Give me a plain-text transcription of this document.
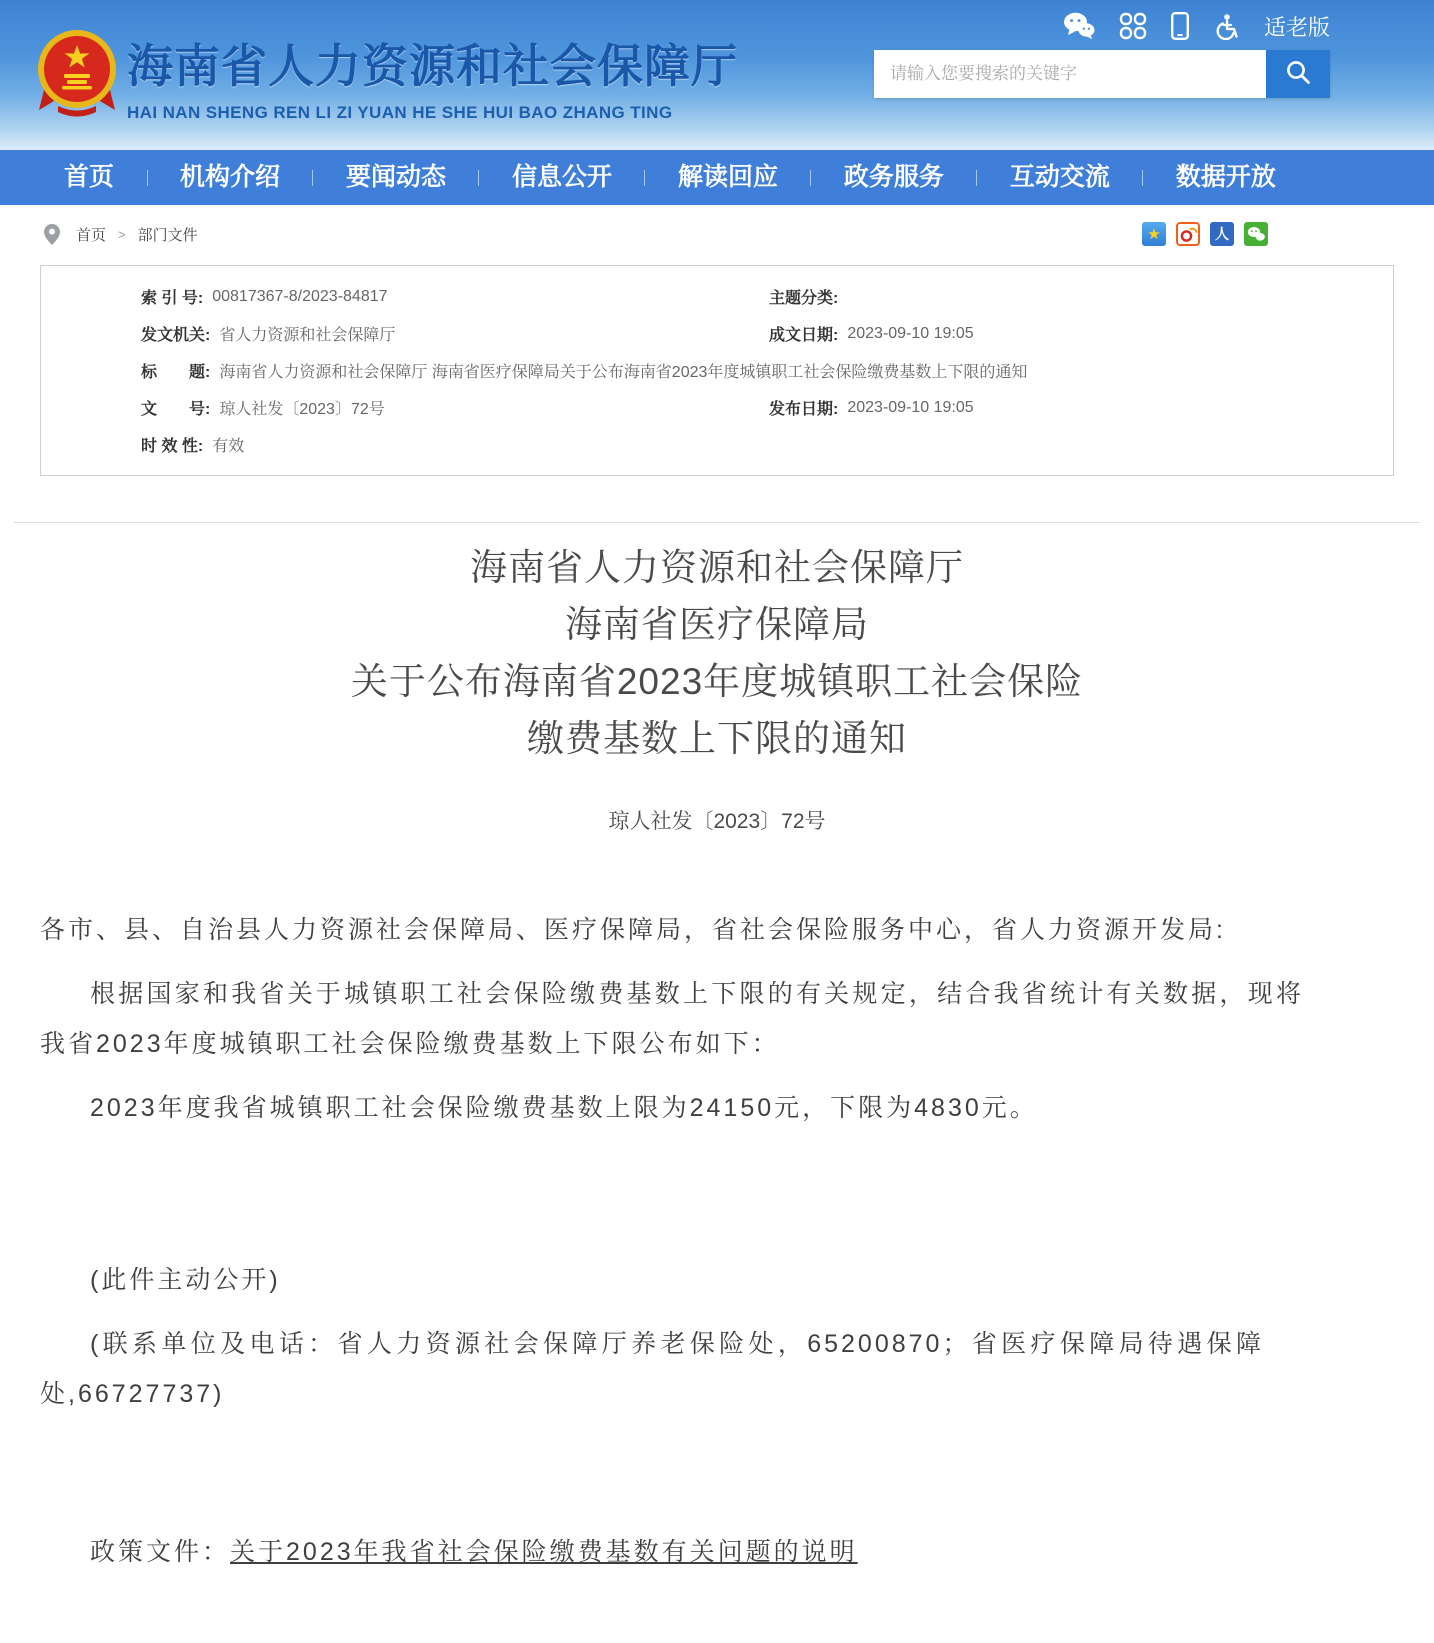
海南省人力资源和社会保障厅
HAI NAN SHENG REN LI ZI YUAN HE SHE HUI BAO ZHANG TING
适老版
请输入您要搜索的关键字
首页	机构介绍	要闻动态	信息公开	解读回应	政务服务	互动交流	数据开放
首页 > 部门文件
★
人
索 引 号: 00817367-8/2023-84817	主题分类:
发文机关: 省人力资源和社会保障厅	成文日期: 2023-09-10 19:05
标　　题: 海南省人力资源和社会保障厅 海南省医疗保障局关于公布海南省2023年度城镇职工社会保险缴费基数上下限的通知
文　　号: 琼人社发〔2023〕72号	发布日期: 2023-09-10 19:05
时 效 性: 有效
海南省人力资源和社会保障厅
海南省医疗保障局
关于公布海南省2023年度城镇职工社会保险
缴费基数上下限的通知
琼人社发〔2023〕72号

各市、县、自治县人力资源社会保障局、医疗保障局，省社会保险服务中心，省人力资源开发局:

根据国家和我省关于城镇职工社会保险缴费基数上下限的有关规定，结合我省统计有关数据，现将我省2023年度城镇职工社会保险缴费基数上下限公布如下：

2023年度我省城镇职工社会保险缴费基数上限为24150元，下限为4830元。

(此件主动公开)

(联系单位及电话：省人力资源社会保障厅养老保险处，65200870；省医疗保障局待遇保障处,66727737)

政策文件：关于2023年我省社会保险缴费基数有关问题的说明
